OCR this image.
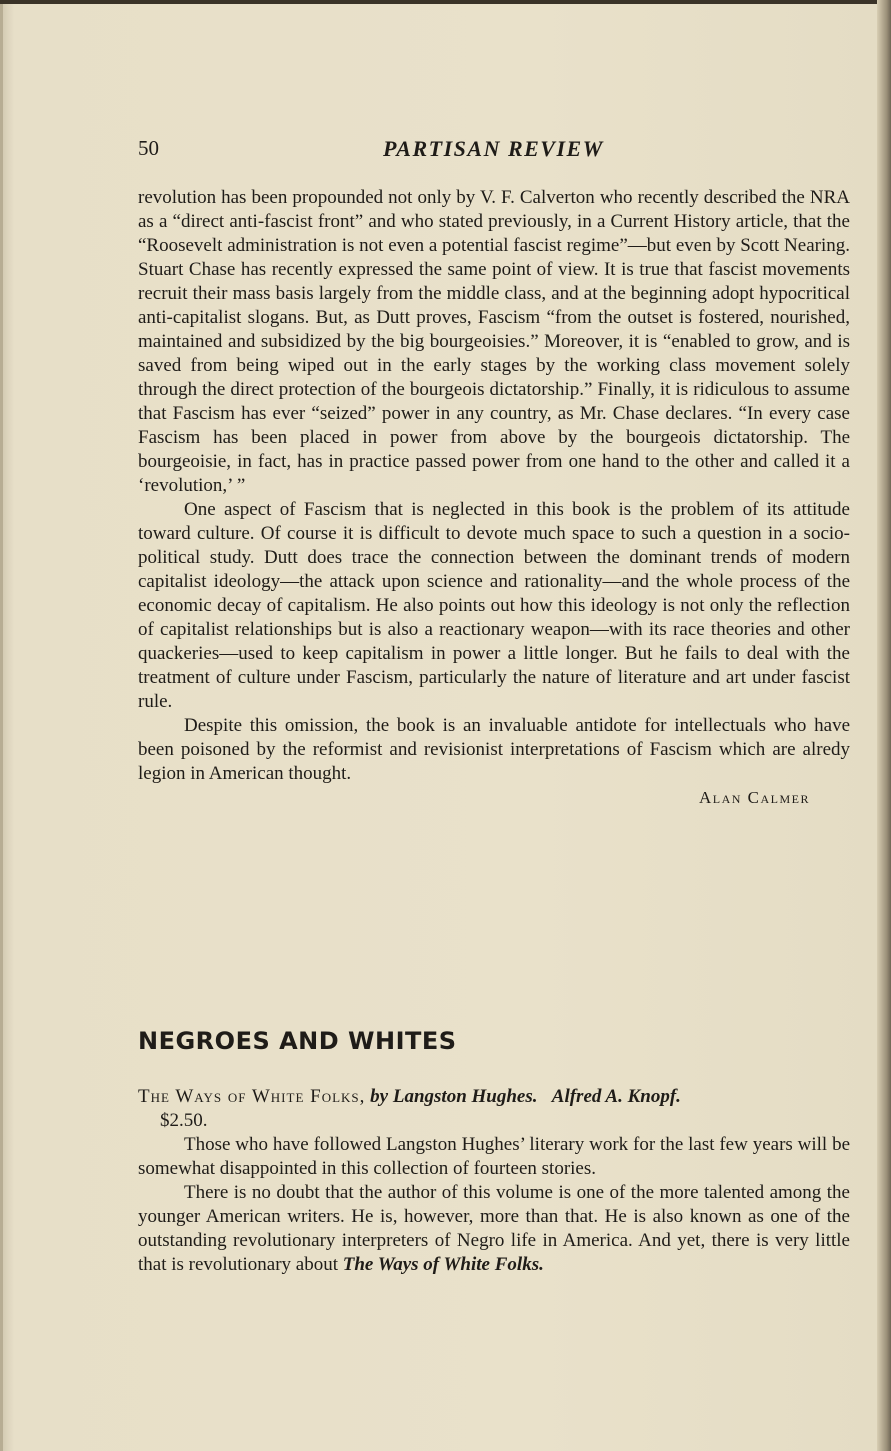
50	PARTISAN REVIEW

revolution has been propounded not only by V. F. Calverton who recently described the NRA as a “direct anti-fascist front” and who stated previously, in a Current History article, that the “Roosevelt administration is not even a potential fascist regime”—but even by Scott Nearing. Stuart Chase has recently expressed the same point of view. It is true that fascist movements recruit their mass basis largely from the middle class, and at the beginning adopt hypocritical anti-capitalist slogans. But, as Dutt proves, Fascism “from the outset is fostered, nourished, maintained and subsidized by the big bourgeoisies.” Moreover, it is “enabled to grow, and is saved from being wiped out in the early stages by the working class movement solely through the direct protection of the bourgeois dictatorship.” Finally, it is ridiculous to assume that Fascism has ever “seized” power in any country, as Mr. Chase declares. “In every case Fascism has been placed in power from above by the bourgeois dictatorship. The bourgeoisie, in fact, has in practice passed power from one hand to the other and called it a ‘revolution,’ ”

One aspect of Fascism that is neglected in this book is the problem of its attitude toward culture. Of course it is difficult to devote much space to such a question in a socio-political study. Dutt does trace the connection between the dominant trends of modern capitalist ideology—the attack upon science and rationality—and the whole process of the economic decay of capitalism. He also points out how this ideology is not only the reflection of capitalist relationships but is also a reactionary weapon—with its race theories and other quackeries—used to keep capitalism in power a little longer. But he fails to deal with the treatment of culture under Fascism, particularly the nature of literature and art under fascist rule.

Despite this omission, the book is an invaluable antidote for intellectuals who have been poisoned by the reformist and revisionist interpretations of Fascism which are alredy legion in American thought.

Alan Calmer

NEGROES AND WHITES

The Ways of White Folks, by Langston Hughes. Alfred A. Knopf.

$2.50.

Those who have followed Langston Hughes’ literary work for the last few years will be somewhat disappointed in this collection of fourteen stories.

There is no doubt that the author of this volume is one of the more talented among the younger American writers. He is, however, more than that. He is also known as one of the outstanding revolutionary interpreters of Negro life in America. And yet, there is very little that is revolutionary about The Ways of White Folks.
